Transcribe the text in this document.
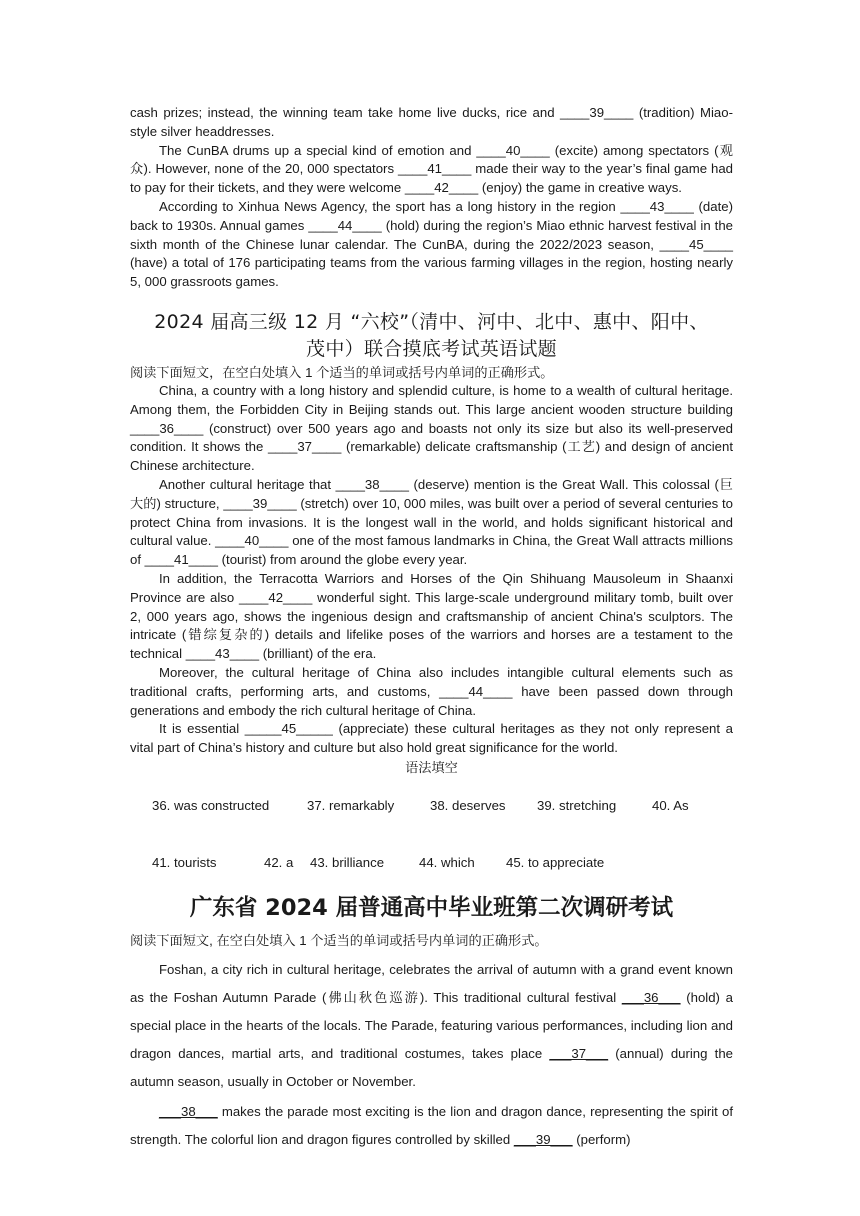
cash prizes; instead, the winning team take home live ducks, rice and ____39____ (tradition) Miao-style silver headdresses.

The CunBA drums up a special kind of emotion and ____40____ (excite) among spectators (观众). However, none of the 20, 000 spectators ____41____ made their way to the year’s final game had to pay for their tickets, and they were welcome ____42____ (enjoy) the game in creative ways.

According to Xinhua News Agency, the sport has a long history in the region ____43____ (date) back to 1930s. Annual games ____44____ (hold) during the region’s Miao ethnic harvest festival in the sixth month of the Chinese lunar calendar. The CunBA, during the 2022/2023 season, ____45____ (have) a total of 176 participating teams from the various farming villages in the region, hosting nearly 5, 000 grassroots games.

2024 届高三级 12 月 “六校”（清中、河中、北中、惠中、阳中、
茂中）联合摸底考试英语试题
阅读下面短文，在空白处填入 1 个适当的单词或括号内单词的正确形式。

China, a country with a long history and splendid culture, is home to a wealth of cultural heritage. Among them, the Forbidden City in Beijing stands out. This large ancient wooden structure building ____36____ (construct) over 500 years ago and boasts not only its size but also its well-preserved condition. It shows the ____37____ (remarkable) delicate craftsmanship (工艺) and design of ancient Chinese architecture.

Another cultural heritage that ____38____ (deserve) mention is the Great Wall. This colossal (巨大的) structure, ____39____ (stretch) over 10, 000 miles, was built over a period of several centuries to protect China from invasions. It is the longest wall in the world, and holds significant historical and cultural value. ____40____ one of the most famous landmarks in China, the Great Wall attracts millions of ____41____ (tourist) from around the globe every year.

In addition, the Terracotta Warriors and Horses of the Qin Shihuang Mausoleum in Shaanxi Province are also ____42____ wonderful sight. This large-scale underground military tomb, built over 2, 000 years ago, shows the ingenious design and craftsmanship of ancient China's sculptors. The intricate (错综复杂的) details and lifelike poses of the warriors and horses are a testament to the technical ____43____ (brilliant) of the era.

Moreover, the cultural heritage of China also includes intangible cultural elements such as traditional crafts, performing arts, and customs, ____44____ have been passed down through generations and embody the rich cultural heritage of China.

It is essential _____45_____ (appreciate) these cultural heritages as they not only represent a vital part of China’s history and culture but also hold great significance for the world.

语法填空

36. was constructed	37. remarkably	38. deserves 39. stretching	40. As

41. tourists	42. a 43. brilliance	44. which 45. to appreciate

广东省 2024 届普通高中毕业班第二次调研考试
阅读下面短文, 在空白处填入 1 个适当的单词或括号内单词的正确形式。

Foshan, a city rich in cultural heritage, celebrates the arrival of autumn with a grand event known as the Foshan Autumn Parade (佛山秋色巡游). This traditional cultural festival ___36___ (hold) a special place in the hearts of the locals. The Parade, featuring various performances, including lion and dragon dances, martial arts, and traditional costumes, takes place ___37___ (annual) during the autumn season, usually in October or November.

___38___ makes the parade most exciting is the lion and dragon dance, representing the spirit of strength. The colorful lion and dragon figures controlled by skilled ___39___ (perform)
